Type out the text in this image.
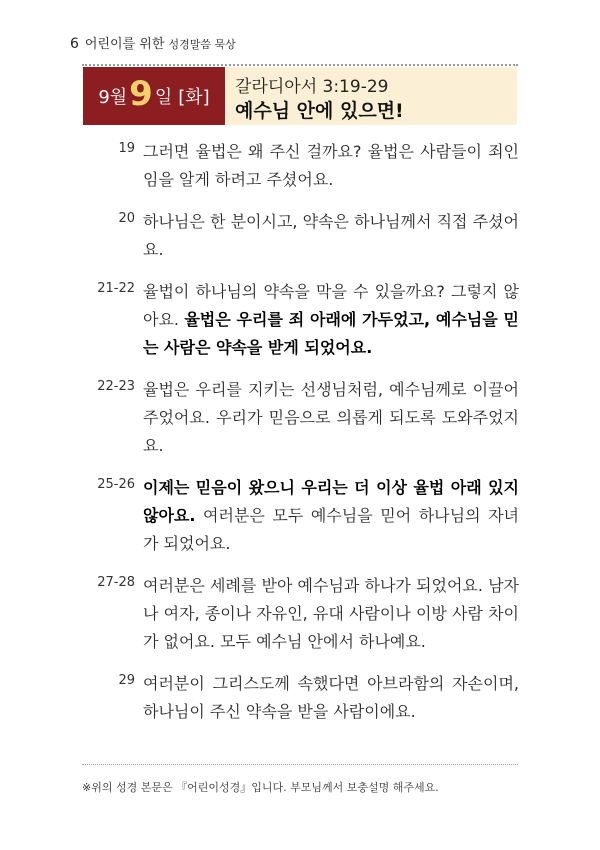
6 어린이를 위한 성경말씀 묵상
9월 9 일 [화] 갈라디아서 3:19-29
예수님 안에 있으면!
19 그러면 율법은 왜 주신 걸까요? 율법은 사람들이 죄인임을 알게 하려고 주셨어요.
20 하나님은 한 분이시고, 약속은 하나님께서 직접 주셨어요.
21-22 율법이 하나님의 약속을 막을 수 있을까요? 그렇지 않아요. 율법은 우리를 죄 아래에 가두었고, 예수님을 믿는 사람은 약속을 받게 되었어요.
22-23 율법은 우리를 지키는 선생님처럼, 예수님께로 이끌어 주었어요. 우리가 믿음으로 의롭게 되도록 도와주었지요.
25-26 이제는 믿음이 왔으니 우리는 더 이상 율법 아래 있지 않아요. 여러분은 모두 예수님을 믿어 하나님의 자녀가 되었어요.
27-28 여러분은 세례를 받아 예수님과 하나가 되었어요. 남자나 여자, 종이나 자유인, 유대 사람이나 이방 사람 차이가 없어요. 모두 예수님 안에서 하나예요.
29 여러분이 그리스도께 속했다면 아브라함의 자손이며, 하나님이 주신 약속을 받을 사람이에요.
※위의 성경 본문은 『어린이성경』입니다. 부모님께서 보충설명 해주세요.
